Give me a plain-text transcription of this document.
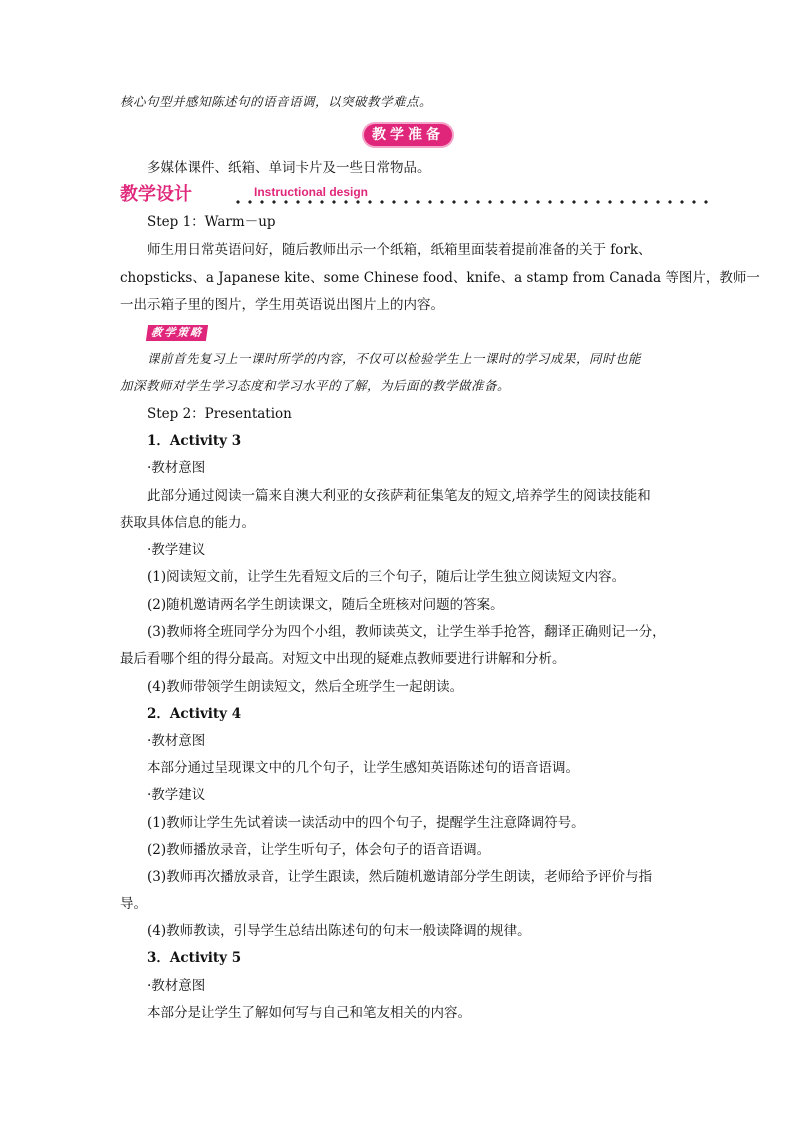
核心句型并感知陈述句的语音语调，以突破教学难点。
教学准备
多媒体课件、纸箱、单词卡片及一些日常物品。
教学设计	Instructional design
Step 1：Warm－up
师生用日常英语问好，随后教师出示一个纸箱，纸箱里面装着提前准备的关于 fork、
chopsticks、a Japanese kite、some Chinese food、knife、a stamp from Canada 等图片，教师一
一出示箱子里的图片，学生用英语说出图片上的内容。
教学策略
课前首先复习上一课时所学的内容，不仅可以检验学生上一课时的学习成果，同时也能
加深教师对学生学习态度和学习水平的了解，为后面的教学做准备。
Step 2：Presentation
1．Activity 3
·教材意图
此部分通过阅读一篇来自澳大利亚的女孩萨莉征集笔友的短文,培养学生的阅读技能和
获取具体信息的能力。
·教学建议
(1)阅读短文前，让学生先看短文后的三个句子，随后让学生独立阅读短文内容。
(2)随机邀请两名学生朗读课文，随后全班核对问题的答案。
(3)教师将全班同学分为四个小组，教师读英文，让学生举手抢答，翻译正确则记一分，
最后看哪个组的得分最高。对短文中出现的疑难点教师要进行讲解和分析。
(4)教师带领学生朗读短文，然后全班学生一起朗读。
2．Activity 4
·教材意图
本部分通过呈现课文中的几个句子，让学生感知英语陈述句的语音语调。
·教学建议
(1)教师让学生先试着读一读活动中的四个句子，提醒学生注意降调符号。
(2)教师播放录音，让学生听句子，体会句子的语音语调。
(3)教师再次播放录音，让学生跟读，然后随机邀请部分学生朗读，老师给予评价与指
导。
(4)教师教读，引导学生总结出陈述句的句末一般读降调的规律。
3．Activity 5
·教材意图
本部分是让学生了解如何写与自己和笔友相关的内容。
